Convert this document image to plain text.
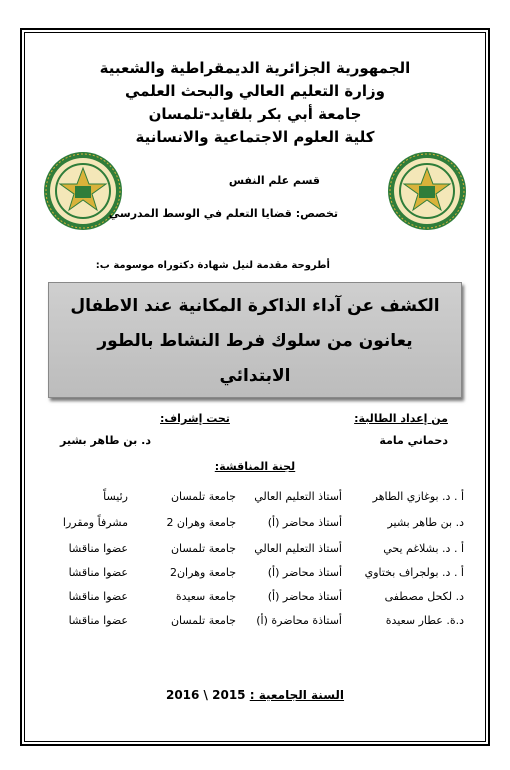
الجمهورية الجزائرية الديمقراطية والشعبية
وزارة التعليم العالي والبحث العلمي
جامعة أبي بكر بلقايد-تلمسان
كلية العلوم الاجتماعية والانسانية
قسم علم النفس
تخصص: قضايا التعلم في الوسط المدرسي
أطروحة مقدمة لنيل شهادة دكتوراه موسومة ب:
الكشف عن آداء الذاكرة المكانية عند الاطفال
يعانون من سلوك فرط النشاط بالطور
الابتدائي
من إعداد الطالبة:
تحت إشراف:
دحماني مامة
د. بن طاهر بشير
لجنة المناقشة:
أ . د. بوغازي الطاهر
أستاذ التعليم العالي
جامعة تلمسان
رئيساً
د. بن طاهر بشير
أستاذ محاضر (أ)
جامعة وهران 2
مشرفاً ومقررا
أ . د. بشلاغم يحي
أستاذ التعليم العالي
جامعة تلمسان
عضوا مناقشا
أ . د. بولجراف بختاوي
أستاذ محاضر (أ)
جامعة وهران2
عضوا مناقشا
د. لكحل مصطفى
أستاذ محاضر (أ)
جامعة سعيدة
عضوا مناقشا
د.ة. عطار سعيدة
أستاذة محاضرة (أ)
جامعة تلمسان
عضوا مناقشا
السنة الجامعية : 2015 \ 2016
